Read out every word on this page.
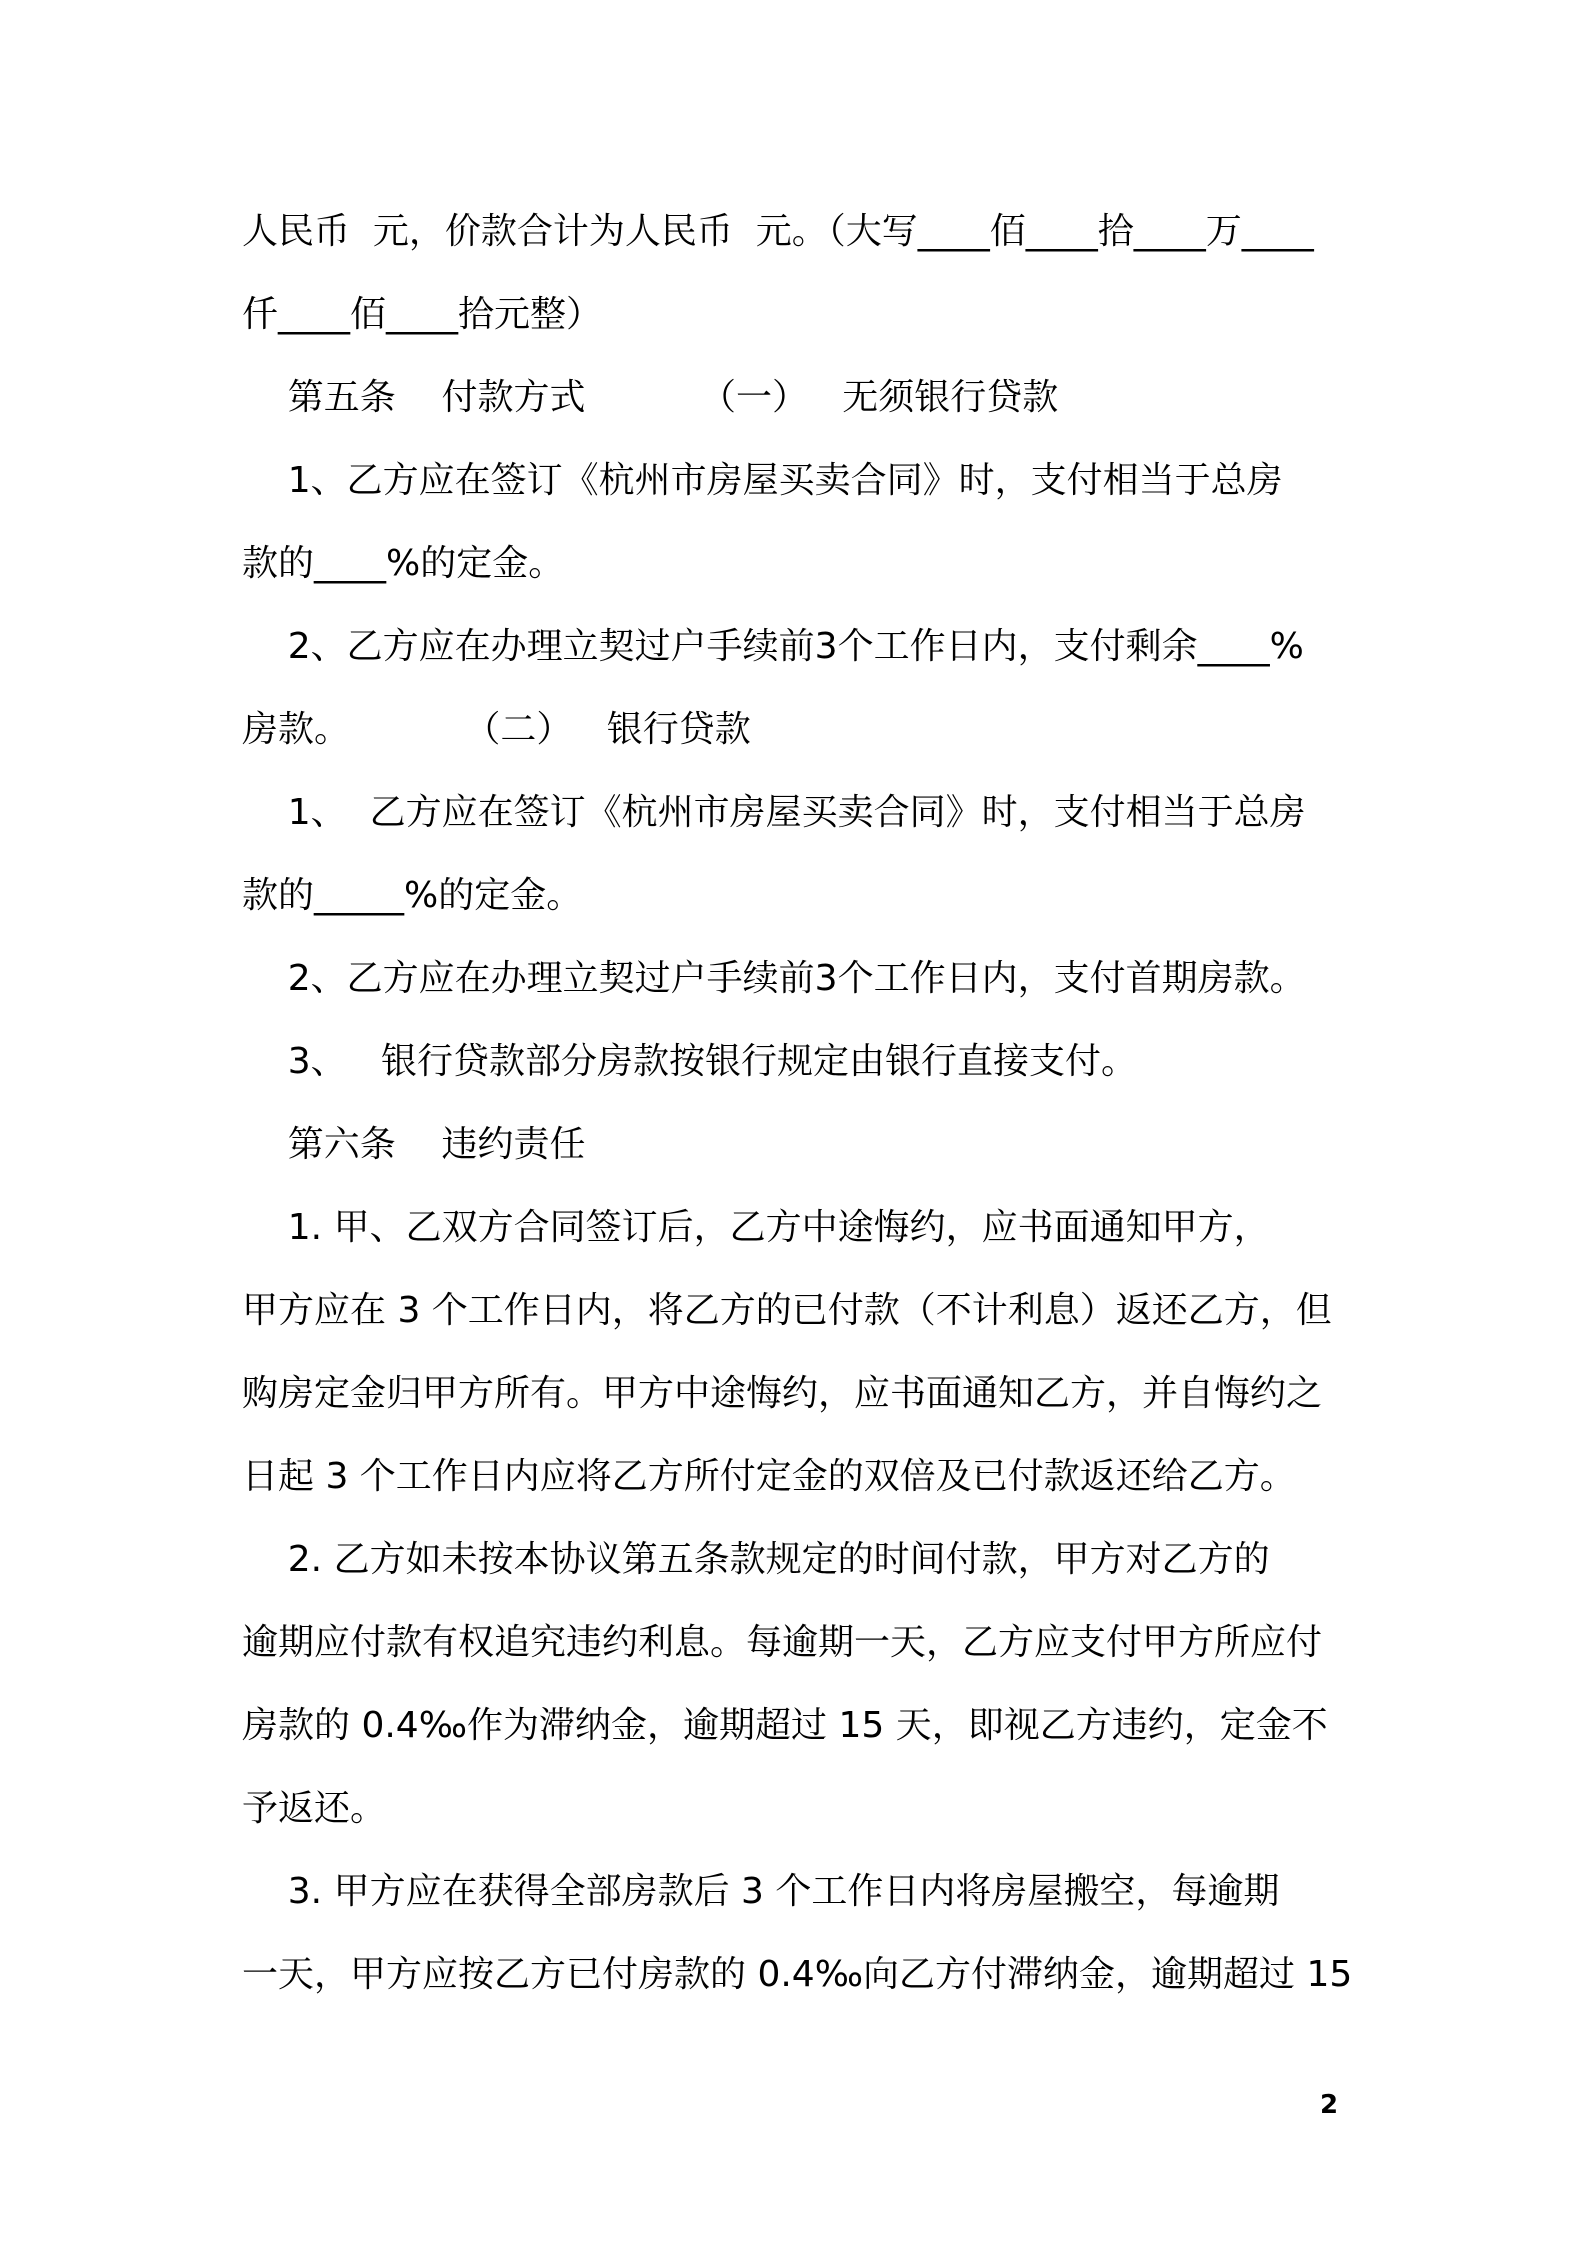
人民币  元，价款合计为人民币  元。（大写____佰____拾____万____
仟____佰____拾元整）
第五条    付款方式          （一）   无须银行贷款
1、乙方应在签订《杭州市房屋买卖合同》时，支付相当于总房
款的____%的定金。
2、乙方应在办理立契过户手续前3个工作日内，支付剩余____%
房款。          （二）   银行贷款
1、  乙方应在签订《杭州市房屋买卖合同》时，支付相当于总房
款的_____%的定金。
2、乙方应在办理立契过户手续前3个工作日内，支付首期房款。
3、   银行贷款部分房款按银行规定由银行直接支付。
第六条    违约责任
1. 甲、乙双方合同签订后，乙方中途悔约，应书面通知甲方，
甲方应在 3 个工作日内，将乙方的已付款（不计利息）返还乙方，但
购房定金归甲方所有。甲方中途悔约，应书面通知乙方，并自悔约之
日起 3 个工作日内应将乙方所付定金的双倍及已付款返还给乙方。
2. 乙方如未按本协议第五条款规定的时间付款，甲方对乙方的
逾期应付款有权追究违约利息。每逾期一天，乙方应支付甲方所应付
房款的 0.4‰作为滞纳金，逾期超过 15 天，即视乙方违约，定金不
予返还。
3. 甲方应在获得全部房款后 3 个工作日内将房屋搬空，每逾期
一天，甲方应按乙方已付房款的 0.4‰向乙方付滞纳金，逾期超过 15
2
